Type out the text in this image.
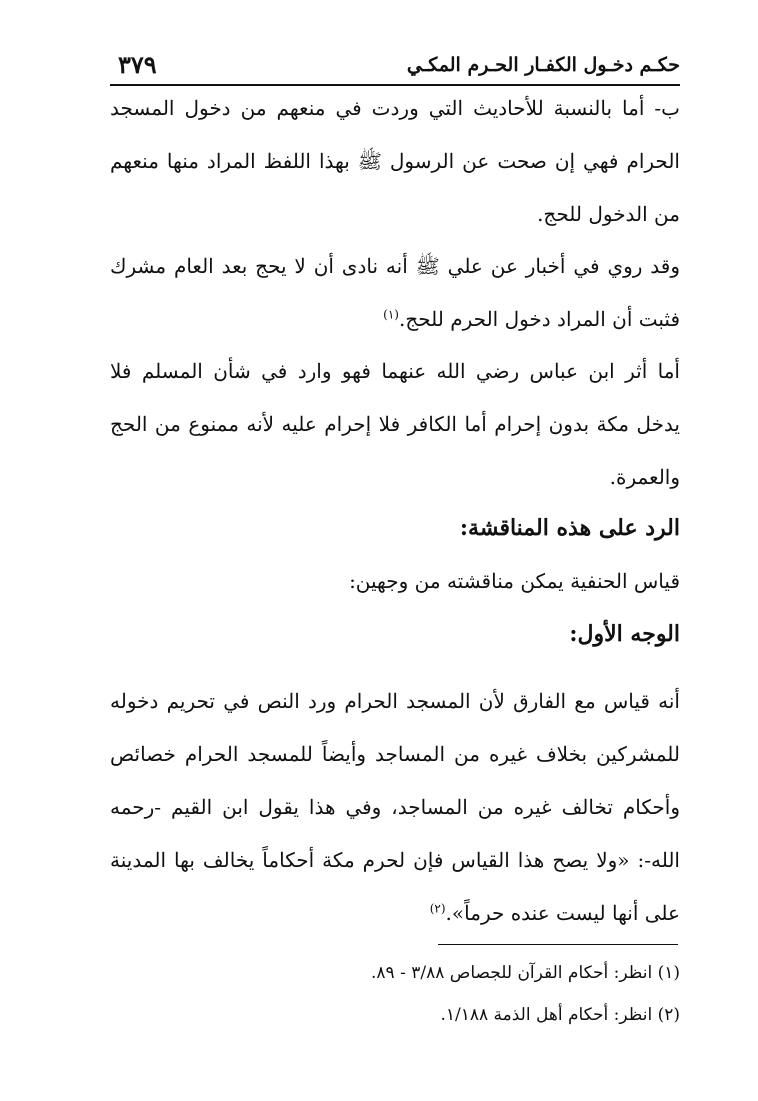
حكـم دخـول الكفـار الحـرم المكـي
٣٧٩
ب- أما بالنسبة للأحاديث التي وردت في منعهم من دخول المسجد الحرام فهي إن صحت عن الرسول ﷺ بهذا اللفظ المراد منها منعهم من الدخول للحج.
وقد روي في أخبار عن علي ﷺ أنه نادى أن لا يحج بعد العام مشرك فثبت أن المراد دخول الحرم للحج.$^{(١)}$
أما أثر ابن عباس رضي الله عنهما فهو وارد في شأن المسلم فلا يدخل مكة بدون إحرام أما الكافر فلا إحرام عليه لأنه ممنوع من الحج والعمرة.
الرد على هذه المناقشة:
قياس الحنفية يمكن مناقشته من وجهين:
الوجه الأول:
أنه قياس مع الفارق لأن المسجد الحرام ورد النص في تحريم دخوله للمشركين بخلاف غيره من المساجد وأيضاً للمسجد الحرام خصائص وأحكام تخالف غيره من المساجد، وفي هذا يقول ابن القيم -رحمه الله-: «ولا يصح هذا القياس فإن لحرم مكة أحكاماً يخالف بها المدينة على أنها ليست عنده حرماً».$^{(٢)}$
(١) انظر: أحكام القرآن للجصاص ٣/٨٨ - ٨٩.
(٢) انظر: أحكام أهل الذمة ١/١٨٨.
